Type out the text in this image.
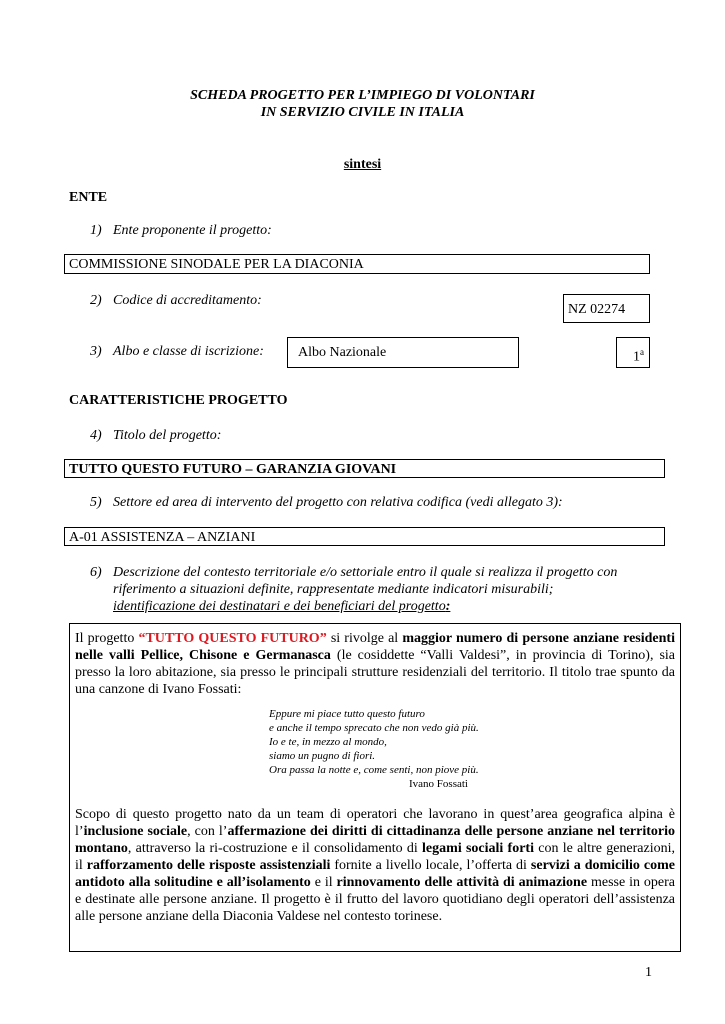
SCHEDA PROGETTO PER L’IMPIEGO DI VOLONTARI
IN SERVIZIO CIVILE IN ITALIA
sintesi
ENTE
1) Ente proponente il progetto:
COMMISSIONE SINODALE PER LA DIACONIA
2) Codice di accreditamento:
NZ 02274
3) Albo e classe di iscrizione:	Albo Nazionale	1$^a$
CARATTERISTICHE PROGETTO
4) Titolo del progetto:
TUTTO QUESTO FUTURO – GARANZIA GIOVANI
5) Settore ed area di intervento del progetto con relativa codifica (vedi allegato 3):
A-01 ASSISTENZA – ANZIANI
6) Descrizione del contesto territoriale e/o settoriale entro il quale si realizza il progetto con
riferimento a situazioni definite, rappresentate mediante indicatori misurabili;
identificazione dei destinatari e dei beneficiari del progetto:
Il progetto “TUTTO QUESTO FUTURO” si rivolge al maggior numero di persone anziane residenti nelle valli Pellice, Chisone e Germanasca (le cosiddette “Valli Valdesi”, in provincia di Torino), sia presso la loro abitazione, sia presso le principali strutture residenziali del territorio. Il titolo trae spunto da una canzone di Ivano Fossati:
Eppure mi piace tutto questo futuro
e anche il tempo sprecato che non vedo già più.
Io e te, in mezzo al mondo,
siamo un pugno di fiori.
Ora passa la notte e, come senti, non piove più.
Ivano Fossati
Scopo di questo progetto nato da un team di operatori che lavorano in quest’area geografica alpina è l’inclusione sociale, con l’affermazione dei diritti di cittadinanza delle persone anziane nel territorio montano, attraverso la ri-costruzione e il consolidamento di legami sociali forti con le altre generazioni, il rafforzamento delle risposte assistenziali fornite a livello locale, l’offerta di servizi a domicilio come antidoto alla solitudine e all’isolamento e il rinnovamento delle attività di animazione messe in opera e destinate alle persone anziane. Il progetto è il frutto del lavoro quotidiano degli operatori dell’assistenza alle persone anziane della Diaconia Valdese nel contesto torinese.
1
